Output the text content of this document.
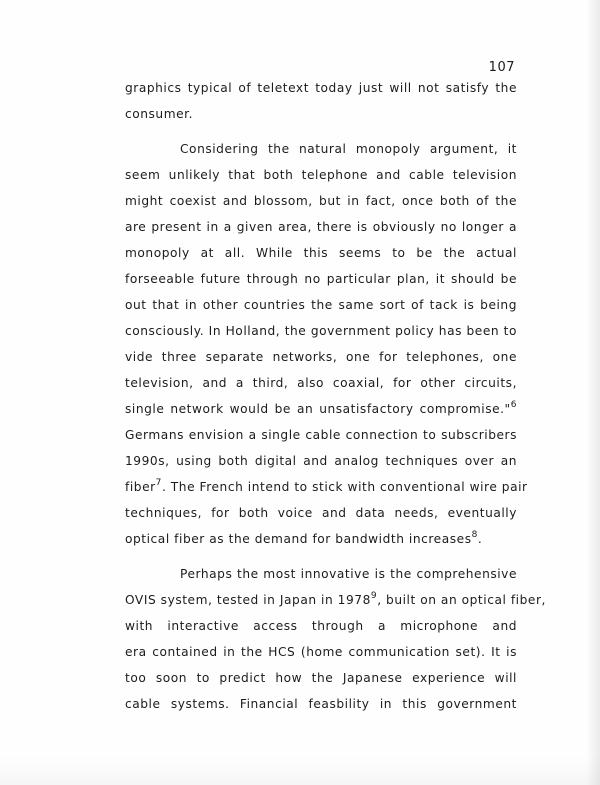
107
graphics typical of teletext today just will not satisfy the
consumer.
Considering the natural monopoly argument, it
seem unlikely that both telephone and cable television
might coexist and blossom, but in fact, once both of the
are present in a given area, there is obviously no longer a
monopoly at all. While this seems to be the actual
forseeable future through no particular plan, it should be
out that in other countries the same sort of tack is being
consciously. In Holland, the government policy has been to
vide three separate networks, one for telephones, one
television, and a third, also coaxial, for other circuits,
single network would be an unsatisfactory compromise."$^6$
Germans envision a single cable connection to subscribers
1990s, using both digital and analog techniques over an
fiber$^7$. The French intend to stick with conventional wire pair
techniques, for both voice and data needs, eventually
optical fiber as the demand for bandwidth increases$^8$.
Perhaps the most innovative is the comprehensive
OVIS system, tested in Japan in 1978$^9$, built on an optical fiber,
with interactive access through a microphone and
era contained in the HCS (home communication set). It is
too soon to predict how the Japanese experience will
cable systems. Financial feasbility in this government
